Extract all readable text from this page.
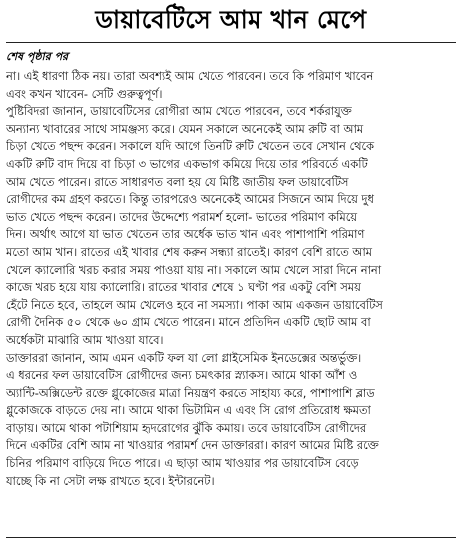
ডায়াবেটিসে আম খান মেপে
শেষ পৃষ্ঠার পর
না। এই ধারণা ঠিক নয়। তারা অবশ্যই আম খেতে পারবেন। তবে কি পরিমাণ খাবেন
এবং কখন খাবেন- সেটি গুরুত্বপূর্ণ।
পুষ্টিবিদরা জানান, ডায়াবেটিসের রোগীরা আম খেতে পারবেন, তবে শর্করাযুক্ত
অন্যান্য খাবারের সাথে সামঞ্জস্য করে। যেমন সকালে অনেকেই আম রুটি বা আম
চিড়া খেতে পছন্দ করেন। সকালে যদি আগে তিনটি রুটি খেতেন তবে সেখান থেকে
একটি রুটি বাদ দিয়ে বা চিড়া ৩ ভাগের একভাগ কমিয়ে দিয়ে তার পরিবর্তে একটি
আম খেতে পারেন। রাতে সাধারণত বলা হয় যে মিষ্টি জাতীয় ফল ডায়াবেটিস
রোগীদের কম গ্রহণ করতে। কিন্তু তারপরেও অনেকেই আমের সিজনে আম দিয়ে দুধ
ভাত খেতে পছন্দ করেন। তাদের উদ্দেশ্যে পরামর্শ হলো- ভাতের পরিমাণ কমিয়ে
দিন। অর্থাৎ আগে যা ভাত খেতেন তার অর্ধেক ভাত খান এবং পাশাপাশি পরিমাণ
মতো আম খান। রাতের এই খাবার শেষ করুন সন্ধ্যা রাতেই। কারণ বেশি রাতে আম
খেলে ক্যালোরি খরচ করার সময় পাওয়া যায় না। সকালে আম খেলে সারা দিনে নানা
কাজে খরচ হয়ে যায় ক্যালোরি। রাতের খাবার শেষে ১ ঘণ্টা পর একটু বেশি সময়
হেঁটে নিতে হবে, তাহলে আম খেলেও হবে না সমস্যা। পাকা আম একজন ডায়াবেটিস
রোগী দৈনিক ৫০ থেকে ৬০ গ্রাম খেতে পারেন। মানে প্রতিদিন একটি ছোট আম বা
অর্ধেকটা মাঝারি আম খাওয়া যাবে।
ডাক্তাররা জানান, আম এমন একটি ফল যা লো গ্লাইসেমিক ইনডেক্সের অন্তর্ভুক্ত।
এ ধরনের ফল ডায়াবেটিস রোগীদের জন্য চমৎকার স্ন্যাকস। আমে থাকা আঁশ ও
অ্যান্টি-অক্সিডেন্ট রক্তে গ্লুকোজের মাত্রা নিয়ন্ত্রণ করতে সাহায্য করে, পাশাপাশি ব্লাড
গ্লুকোজকে বাড়তে দেয় না। আমে থাকা ভিটামিন এ এবং সি রোগ প্রতিরোধ ক্ষমতা
বাড়ায়। আমে থাকা পটাশিয়াম হৃদরোগের ঝুঁকি কমায়। তবে ডায়াবেটিস রোগীদের
দিনে একটির বেশি আম না খাওয়ার পরামর্শ দেন ডাক্তাররা। কারণ আমের মিষ্টি রক্তে
চিনির পরিমাণ বাড়িয়ে দিতে পারে। এ ছাড়া আম খাওয়ার পর ডায়াবেটিস বেড়ে
যাচ্ছে কি না সেটা লক্ষ রাখতে হবে। ইন্টারনেট।
